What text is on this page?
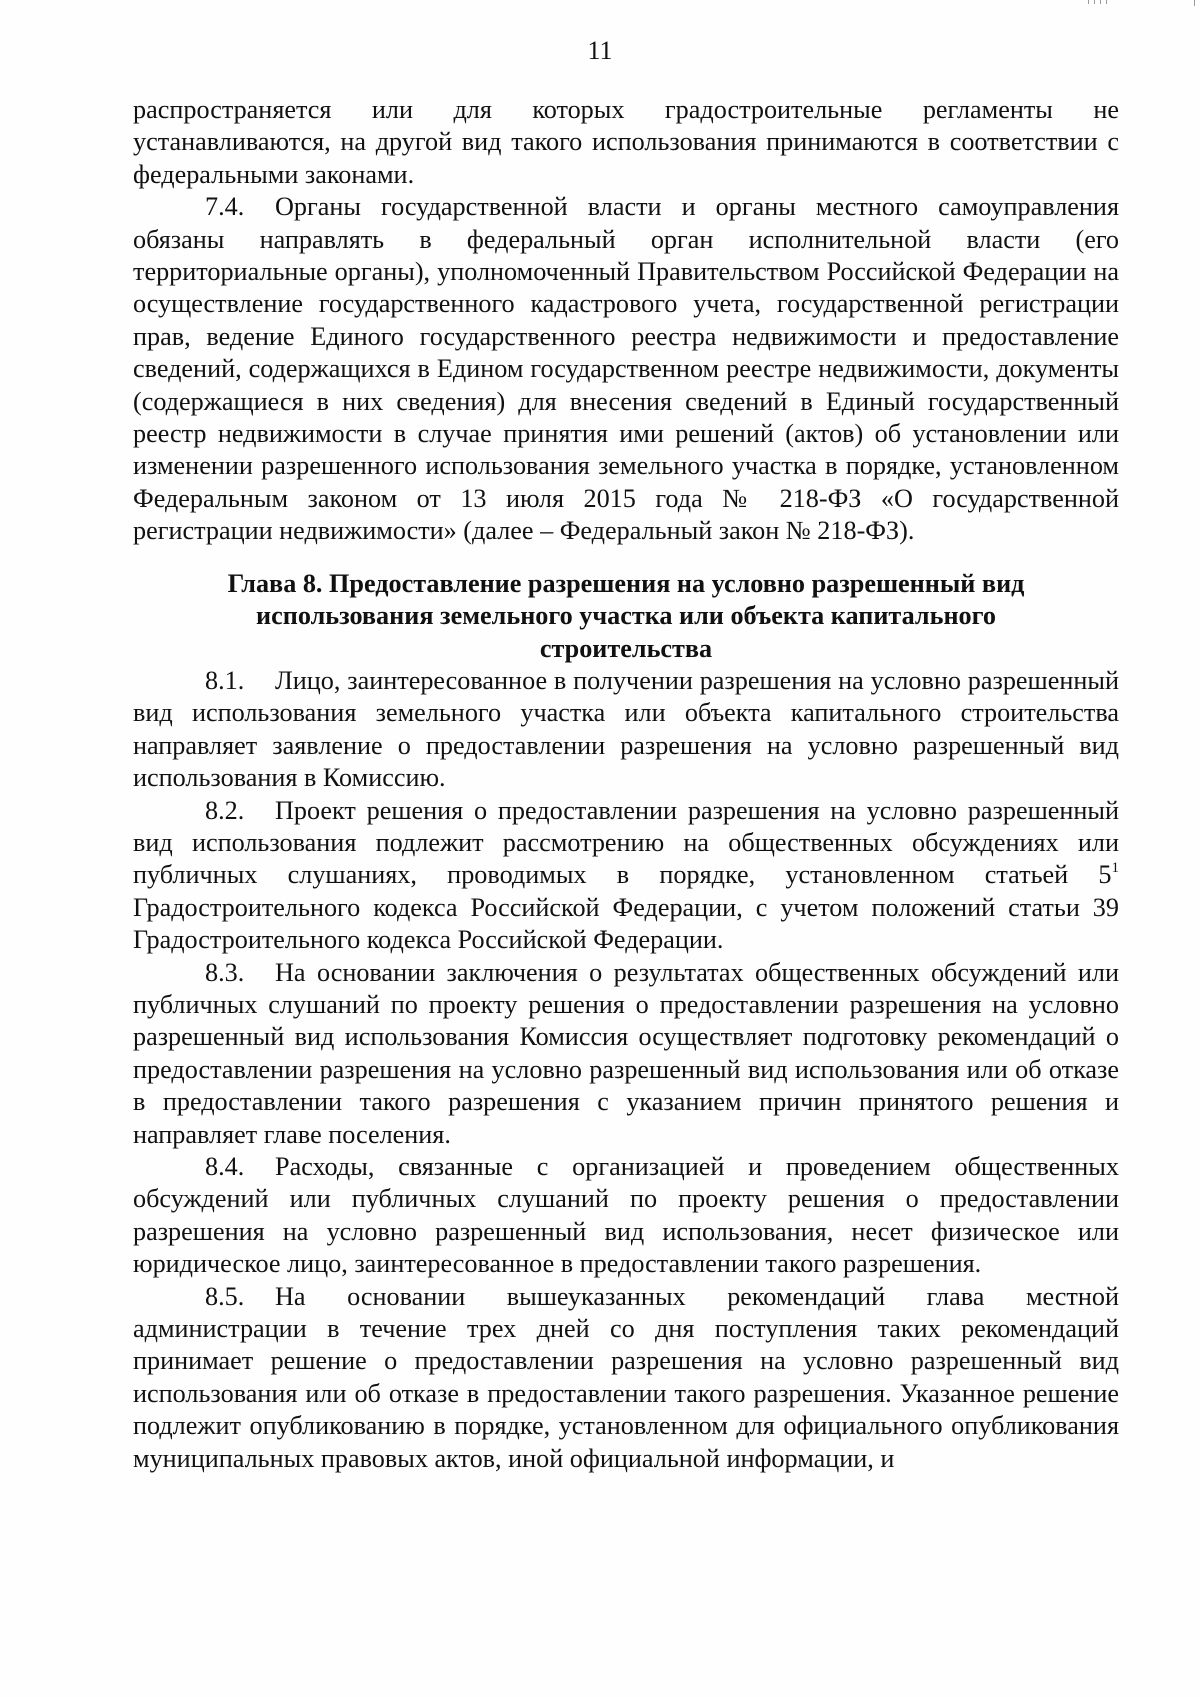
11

распространяется или для которых градостроительные регламенты не устанавливаются, на другой вид такого использования принимаются в соответствии с федеральными законами.

7.4. Органы государственной власти и органы местного самоуправления обязаны направлять в федеральный орган исполнительной власти (его территориальные органы), уполномоченный Правительством Российской Федерации на осуществление государственного кадастрового учета, государственной регистрации прав, ведение Единого государственного реестра недвижимости и предоставление сведений, содержащихся в Едином государственном реестре недвижимости, документы (содержащиеся в них сведения) для внесения сведений в Единый государственный реестр недвижимости в случае принятия ими решений (актов) об установлении или изменении разрешенного использования земельного участка в порядке, установленном Федеральным законом от 13 июля 2015 года № 218-ФЗ «О государственной регистрации недвижимости» (далее – Федеральный закон № 218-ФЗ).

Глава 8. Предоставление разрешения на условно разрешенный вид использования земельного участка или объекта капитального строительства

8.1. Лицо, заинтересованное в получении разрешения на условно разрешенный вид использования земельного участка или объекта капитального строительства направляет заявление о предоставлении разрешения на условно разрешенный вид использования в Комиссию.

8.2. Проект решения о предоставлении разрешения на условно разрешенный вид использования подлежит рассмотрению на общественных обсуждениях или публичных слушаниях, проводимых в порядке, установленном статьей 5$^1$ Градостроительного кодекса Российской Федерации, с учетом положений статьи 39 Градостроительного кодекса Российской Федерации.

8.3. На основании заключения о результатах общественных обсуждений или публичных слушаний по проекту решения о предоставлении разрешения на условно разрешенный вид использования Комиссия осуществляет подготовку рекомендаций о предоставлении разрешения на условно разрешенный вид использования или об отказе в предоставлении такого разрешения с указанием причин принятого решения и направляет главе поселения.

8.4. Расходы, связанные с организацией и проведением общественных обсуждений или публичных слушаний по проекту решения о предоставлении разрешения на условно разрешенный вид использования, несет физическое или юридическое лицо, заинтересованное в предоставлении такого разрешения.

8.5. На основании вышеуказанных рекомендаций глава местной администрации в течение трех дней со дня поступления таких рекомендаций принимает решение о предоставлении разрешения на условно разрешенный вид использования или об отказе в предоставлении такого разрешения. Указанное решение подлежит опубликованию в порядке, установленном для официального опубликования муниципальных правовых актов, иной официальной информации, и
